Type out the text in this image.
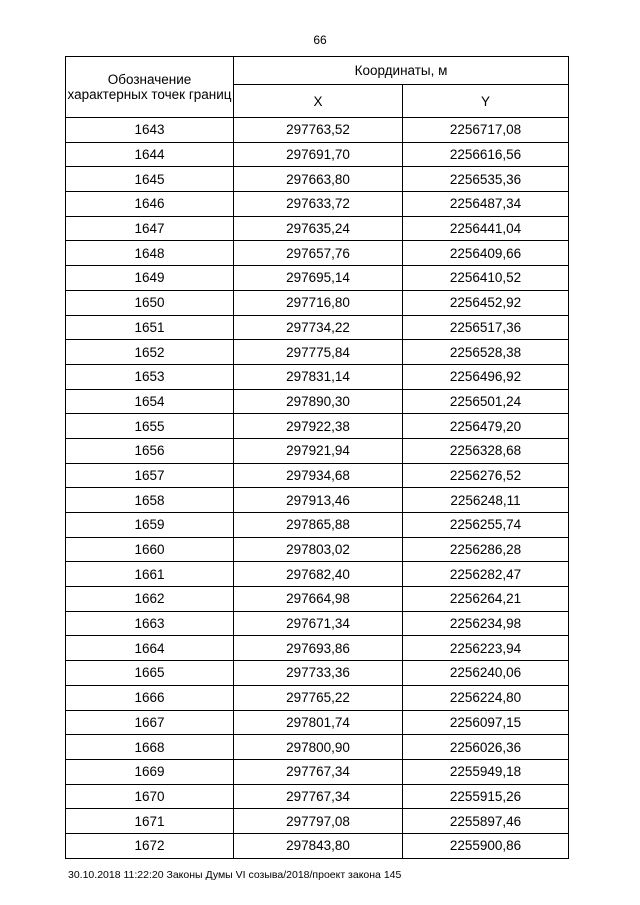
66
Обозначение характерных точек границ	Координаты, м	
	X	Y
1643	297763,52	2256717,08
1644	297691,70	2256616,56
1645	297663,80	2256535,36
1646	297633,72	2256487,34
1647	297635,24	2256441,04
1648	297657,76	2256409,66
1649	297695,14	2256410,52
1650	297716,80	2256452,92
1651	297734,22	2256517,36
1652	297775,84	2256528,38
1653	297831,14	2256496,92
1654	297890,30	2256501,24
1655	297922,38	2256479,20
1656	297921,94	2256328,68
1657	297934,68	2256276,52
1658	297913,46	2256248,11
1659	297865,88	2256255,74
1660	297803,02	2256286,28
1661	297682,40	2256282,47
1662	297664,98	2256264,21
1663	297671,34	2256234,98
1664	297693,86	2256223,94
1665	297733,36	2256240,06
1666	297765,22	2256224,80
1667	297801,74	2256097,15
1668	297800,90	2256026,36
1669	297767,34	2255949,18
1670	297767,34	2255915,26
1671	297797,08	2255897,46
1672	297843,80	2255900,86
30.10.2018 11:22:20 Законы Думы VI созыва/2018/проект закона 145
